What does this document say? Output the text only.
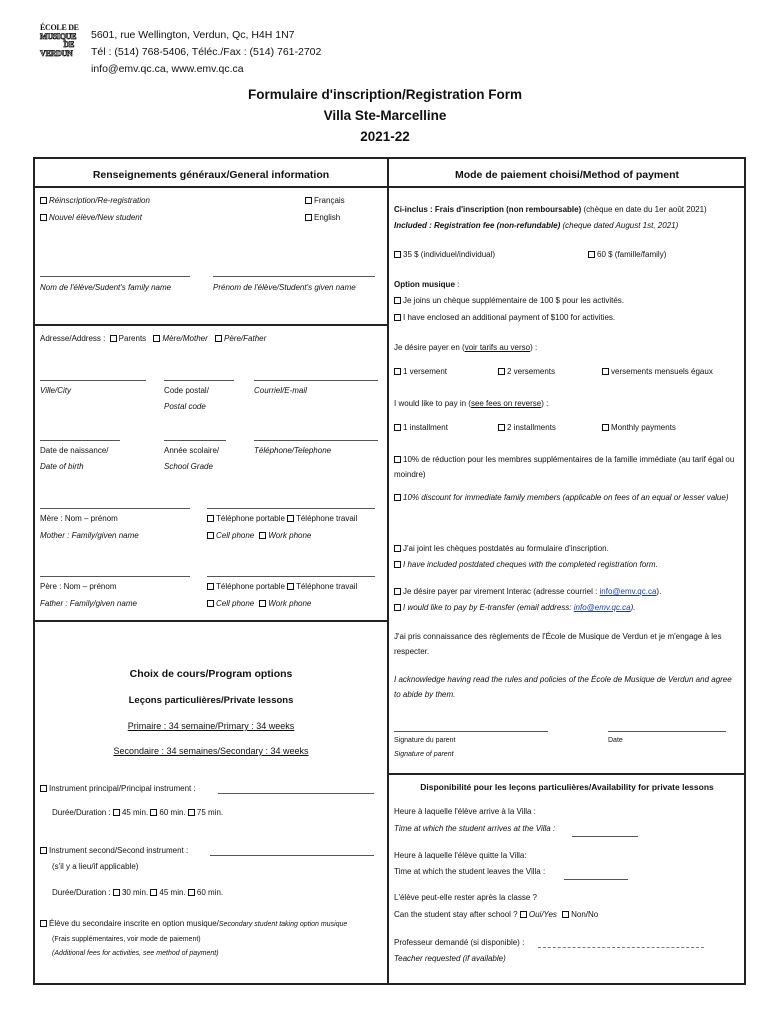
ÉCOLE DE
MUSIQUE
DE
VERDUN
5601, rue Wellington, Verdun, Qc, H4H 1N7
Tél : (514) 768-5406, Téléc./Fax : (514) 761-2702
info@emv.qc.ca, www.emv.qc.ca
Formulaire d'inscription/Registration Form
Villa Ste-Marcelline
2021-22
Renseignements généraux/General information
Réinscription/Re-registration
Nouvel élève/New student
Français
English
Nom de l'élève/Sudent's family name	Prénom de l'élève/Student's given name
Adresse/Address : Parents Mère/Mother Père/Father
Ville/City	Code postal/
Postal code
Courriel/E-mail
Date de naissance/
Date of birth
Année scolaire/
School Grade
Téléphone/Telephone
Mère : Nom – prénom
Mother : Family/given name
Téléphone portable Téléphone travail
Cell phone Work phone
Père : Nom – prénom
Father : Family/given name
Téléphone portable Téléphone travail
Cell phone Work phone
Choix de cours/Program options
Leçons particulières/Private lessons
Primaire : 34 semaine/Primary : 34 weeks
Secondaire : 34 semaines/Secondary : 34 weeks
Instrument principal/Principal instrument :
Durée/Duration : 45 min. 60 min. 75 min.
Instrument second/Second instrument :
(s'il y a lieu/if applicable)
Durée/Duration : 30 min. 45 min. 60 min.
Élève du secondaire inscrite en option musique/Secondary student taking option musique
(Frais supplémentaires, voir mode de paiement)
(Additional fees for activities, see method of payment)
Mode de paiement choisi/Method of payment
Ci-inclus : Frais d'inscription (non remboursable) (chèque en date du 1er août 2021)
Included : Registration fee (non-refundable) (cheque dated August 1st, 2021)
35 $ (individuel/individual)	60 $ (famille/family)
Option musique :
Je joins un chèque supplémentaire de 100 $ pour les activités.
I have enclosed an additional payment of $100 for activities.
Je désire payer en (voir tarifs au verso) :
1 versement	2 versements	versements mensuels égaux
I would like to pay in (see fees on reverse) :
1 installment	2 installments	Monthly payments
10% de réduction pour les membres supplémentaires de la famille immédiate (au tarif égal ou moindre)
10% discount for immediate family members (applicable on fees of an equal or lesser value)
J'ai joint les chèques postdatés au formulaire d'inscription.
I have included postdated cheques with the completed registration form.
Je désire payer par virement Interac (adresse courriel : info@emv.qc.ca).
I would like to pay by E-transfer (email address: info@emv.qc.ca).
J'ai pris connaissance des règlements de l'École de Musique de Verdun et je m'engage à les respecter.
I acknowledge having read the rules and policies of the École de Musique de Verdun and agree to abide by them.
Signature du parent
Signature of parent
Date
Disponibilité pour les leçons particulières/Availability for private lessons
Heure à laquelle l'élève arrive à la Villa :
Time at which the student arrives at the Villa :
Heure à laquelle l'élève quitte la Villa:
Time at which the student leaves the Villa :
L'élève peut-elle rester après la classe ?
Can the student stay after school ? Oui/Yes Non/No
Professeur demandé (si disponible) :
Teacher requested (if available)
